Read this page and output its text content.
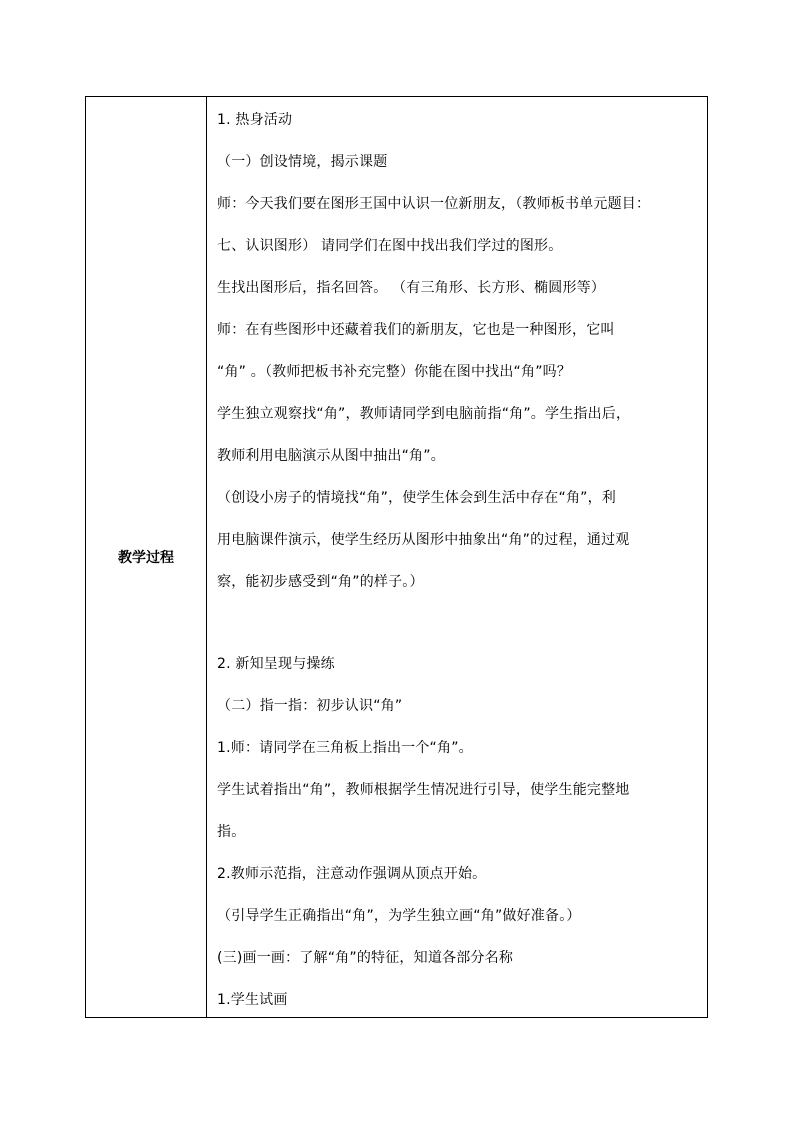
教学过程
1. 热身活动
（一）创设情境，揭示课题
师：今天我们要在图形王国中认识一位新朋友，（教师板书单元题目：
七、认识图形） 请同学们在图中找出我们学过的图形。
生找出图形后，指名回答。 （有三角形、长方形、椭圆形等）
师：在有些图形中还藏着我们的新朋友，它也是一种图形，它叫
“角” 。（教师把板书补充完整）你能在图中找出“角”吗？
学生独立观察找“角”，教师请同学到电脑前指“角”。学生指出后，
教师利用电脑演示从图中抽出“角”。
（创设小房子的情境找“角”，使学生体会到生活中存在“角”，利
用电脑课件演示，使学生经历从图形中抽象出“角”的过程，通过观
察，能初步感受到“角”的样子。）
2. 新知呈现与操练
（二）指一指：初步认识“角”
1.师：请同学在三角板上指出一个“角”。
学生试着指出“角”，教师根据学生情况进行引导，使学生能完整地
指。
2.教师示范指，注意动作强调从顶点开始。
（引导学生正确指出“角”，为学生独立画“角”做好准备。）
(三)画一画：了解“角”的特征，知道各部分名称
1.学生试画
